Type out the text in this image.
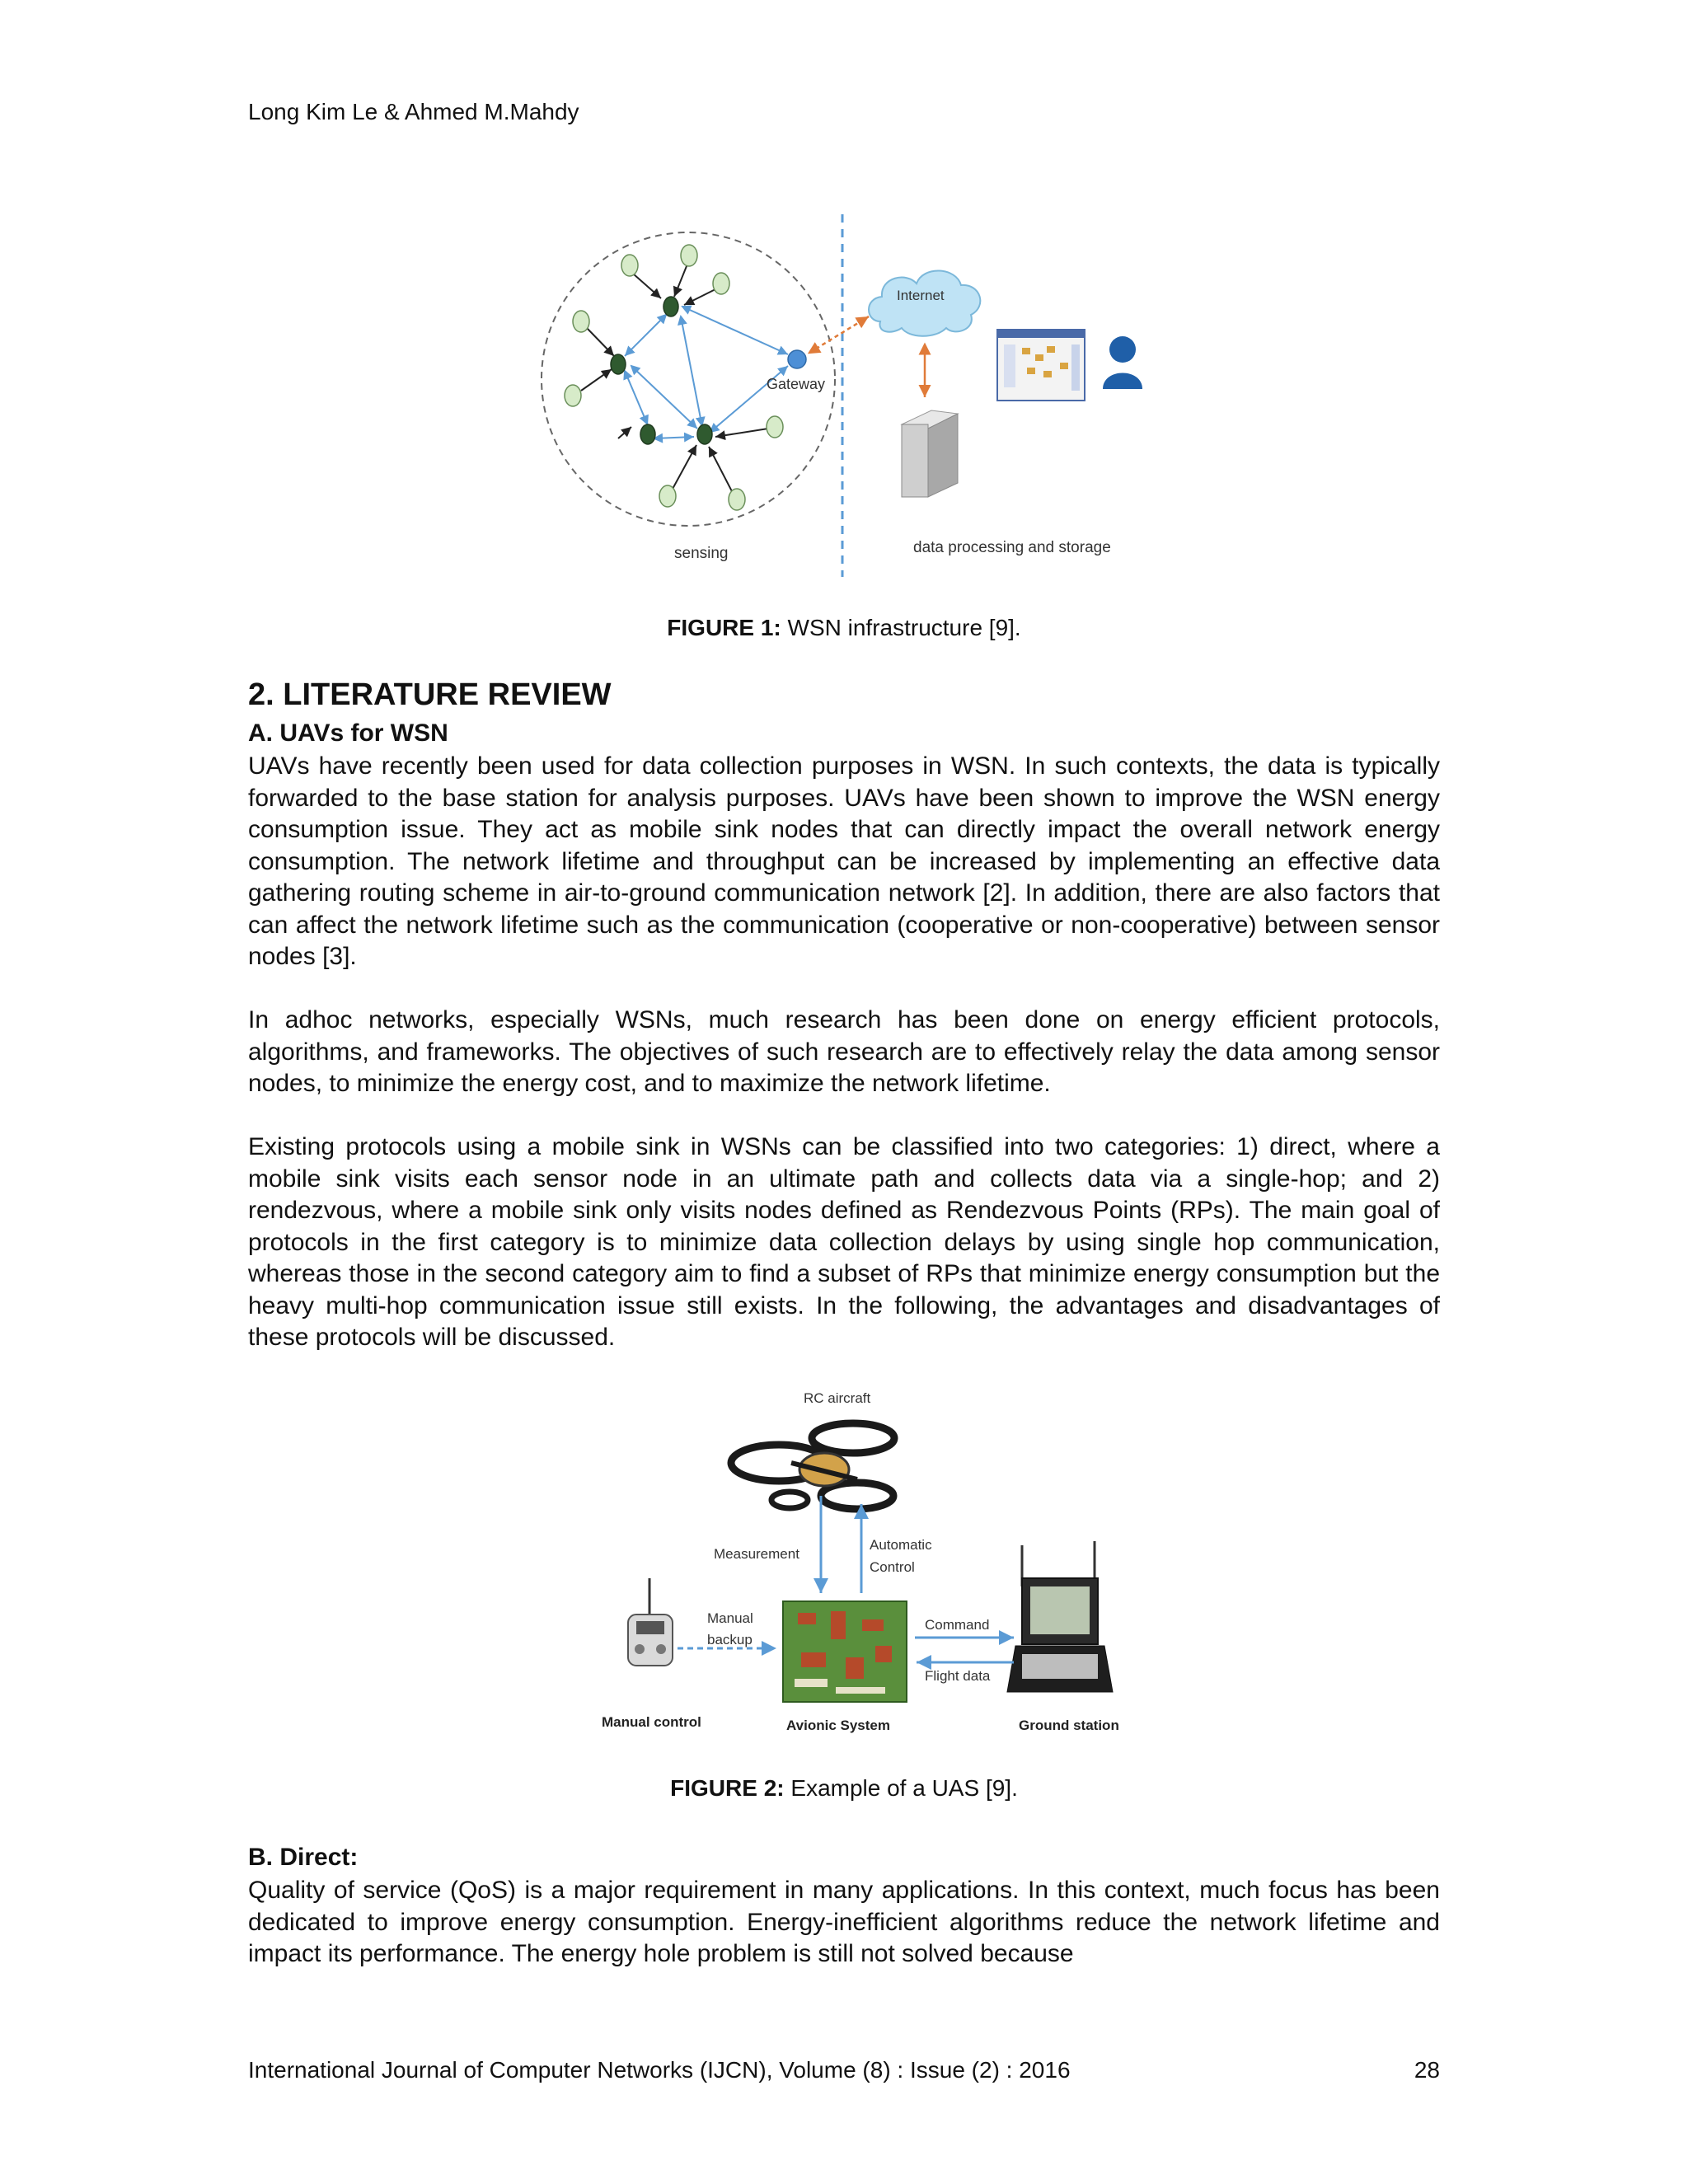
Long Kim Le & Ahmed M.Mahdy
Gateway
Internet
sensing	data processing and storage
FIGURE 1: WSN infrastructure [9].
2. LITERATURE REVIEW
A. UAVs for WSN

UAVs have recently been used for data collection purposes in WSN. In such contexts, the data is typically forwarded to the base station for analysis purposes. UAVs have been shown to improve the WSN energy consumption issue. They act as mobile sink nodes that can directly impact the overall network energy consumption. The network lifetime and throughput can be increased by implementing an effective data gathering routing scheme in air-to-ground communication network [2]. In addition, there are also factors that can affect the network lifetime such as the communication (cooperative or non-cooperative) between sensor nodes [3].

In adhoc networks, especially WSNs, much research has been done on energy efficient protocols, algorithms, and frameworks. The objectives of such research are to effectively relay the data among sensor nodes, to minimize the energy cost, and to maximize the network lifetime.

Existing protocols using a mobile sink in WSNs can be classified into two categories: 1) direct, where a mobile sink visits each sensor node in an ultimate path and collects data via a single-hop; and 2) rendezvous, where a mobile sink only visits nodes defined as Rendezvous Points (RPs). The main goal of protocols in the first category is to minimize data collection delays by using single hop communication, whereas those in the second category aim to find a subset of RPs that minimize energy consumption but the heavy multi-hop communication issue still exists. In the following, the advantages and disadvantages of these protocols will be discussed.

RC aircraft
Measurement
Automatic
Control
Manual
backup
Command
Flight data
Manual control	Avionic System	Ground station
FIGURE 2: Example of a UAS [9].
B. Direct:

Quality of service (QoS) is a major requirement in many applications. In this context, much focus has been dedicated to improve energy consumption. Energy-inefficient algorithms reduce the network lifetime and impact its performance. The energy hole problem is still not solved because

International Journal of Computer Networks (IJCN), Volume (8) : Issue (2) : 2016	28
